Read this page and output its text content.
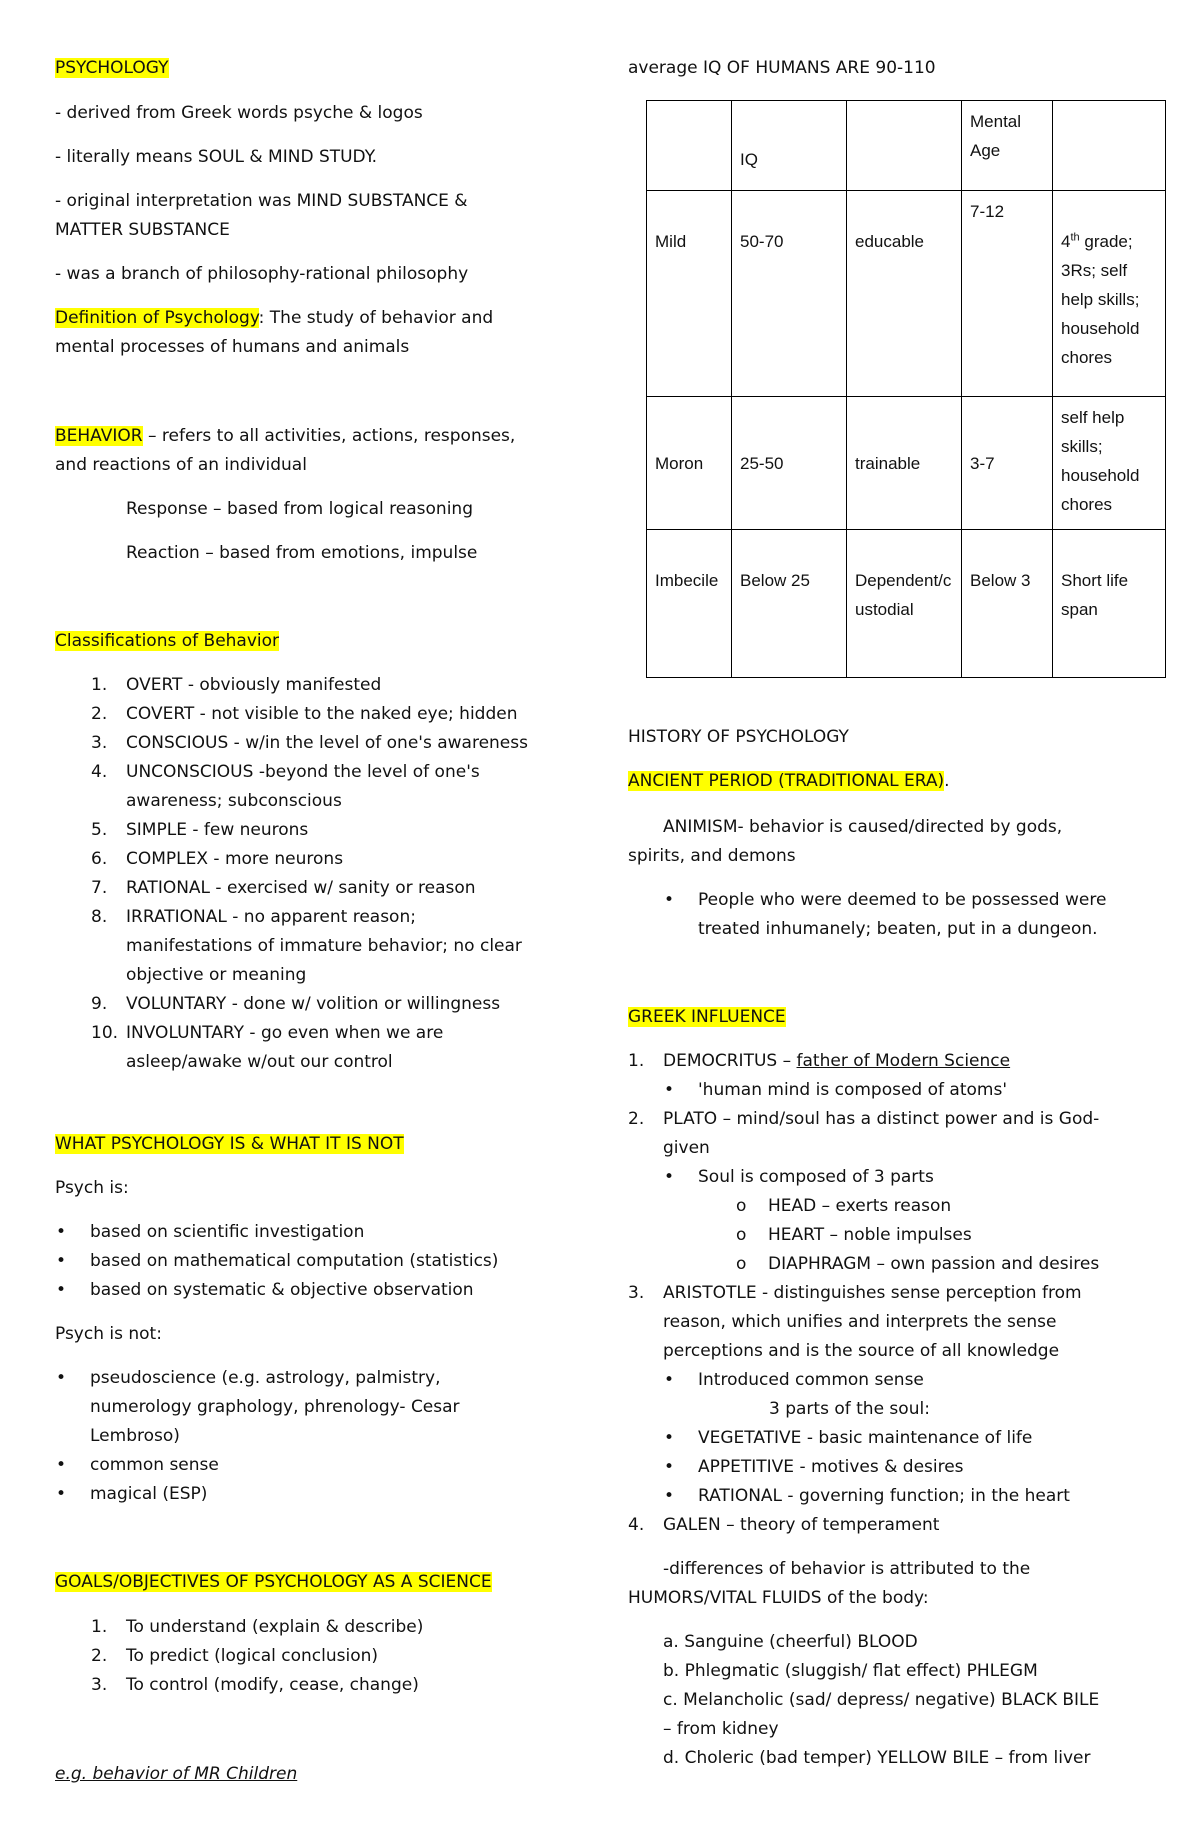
PSYCHOLOGY
- derived from Greek words psyche & logos
- literally means SOUL & MIND STUDY.
- original interpretation was MIND SUBSTANCE &
MATTER SUBSTANCE
- was a branch of philosophy-rational philosophy
Definition of Psychology: The study of behavior and
mental processes of humans and animals
BEHAVIOR – refers to all activities, actions, responses,
and reactions of an individual
Response – based from logical reasoning
Reaction – based from emotions, impulse
Classifications of Behavior
1. OVERT - obviously manifested
2. COVERT - not visible to the naked eye; hidden
3. CONSCIOUS - w/in the level of one's awareness
4. UNCONSCIOUS -beyond the level of one's
awareness; subconscious
5. SIMPLE - few neurons
6. COMPLEX - more neurons
7. RATIONAL - exercised w/ sanity or reason
8. IRRATIONAL - no apparent reason;
manifestations of immature behavior; no clear
objective or meaning
9. VOLUNTARY - done w/ volition or willingness
10. INVOLUNTARY - go even when we are
asleep/awake w/out our control
WHAT PSYCHOLOGY IS & WHAT IT IS NOT
Psych is:
• based on scientific investigation
• based on mathematical computation (statistics)
• based on systematic & objective observation
Psych is not:
• pseudoscience (e.g. astrology, palmistry,
numerology graphology, phrenology- Cesar
Lembroso)
• common sense
• magical (ESP)
GOALS/OBJECTIVES OF PSYCHOLOGY AS A SCIENCE
1. To understand (explain & describe)
2. To predict (logical conclusion)
3. To control (modify, cease, change)
e.g. behavior of MR Children
average IQ OF HUMANS ARE 90-110
	IQ		Mental Age	
Mild	50-70	educable	7-12	4th grade; 3Rs; self help skills; household chores
Moron	25-50	trainable	3-7	self help skills; household chores
Imbecile	Below 25	Dependent/custodial	Below 3	Short life span
HISTORY OF PSYCHOLOGY
ANCIENT PERIOD (TRADITIONAL ERA).
ANIMISM- behavior is caused/directed by gods,
spirits, and demons
• People who were deemed to be possessed were
treated inhumanely; beaten, put in a dungeon.
GREEK INFLUENCE
1. DEMOCRITUS – father of Modern Science
• 'human mind is composed of atoms'
2. PLATO – mind/soul has a distinct power and is God-
given
• Soul is composed of 3 parts
o HEAD – exerts reason
o HEART – noble impulses
o DIAPHRAGM – own passion and desires
3. ARISTOTLE - distinguishes sense perception from
reason, which unifies and interprets the sense
perceptions and is the source of all knowledge
• Introduced common sense
3 parts of the soul:
• VEGETATIVE - basic maintenance of life
• APPETITIVE - motives & desires
• RATIONAL - governing function; in the heart
4. GALEN – theory of temperament
-differences of behavior is attributed to the
HUMORS/VITAL FLUIDS of the body:
a. Sanguine (cheerful) BLOOD
b. Phlegmatic (sluggish/ flat effect) PHLEGM
c. Melancholic (sad/ depress/ negative) BLACK BILE
– from kidney
d. Choleric (bad temper) YELLOW BILE – from liver
